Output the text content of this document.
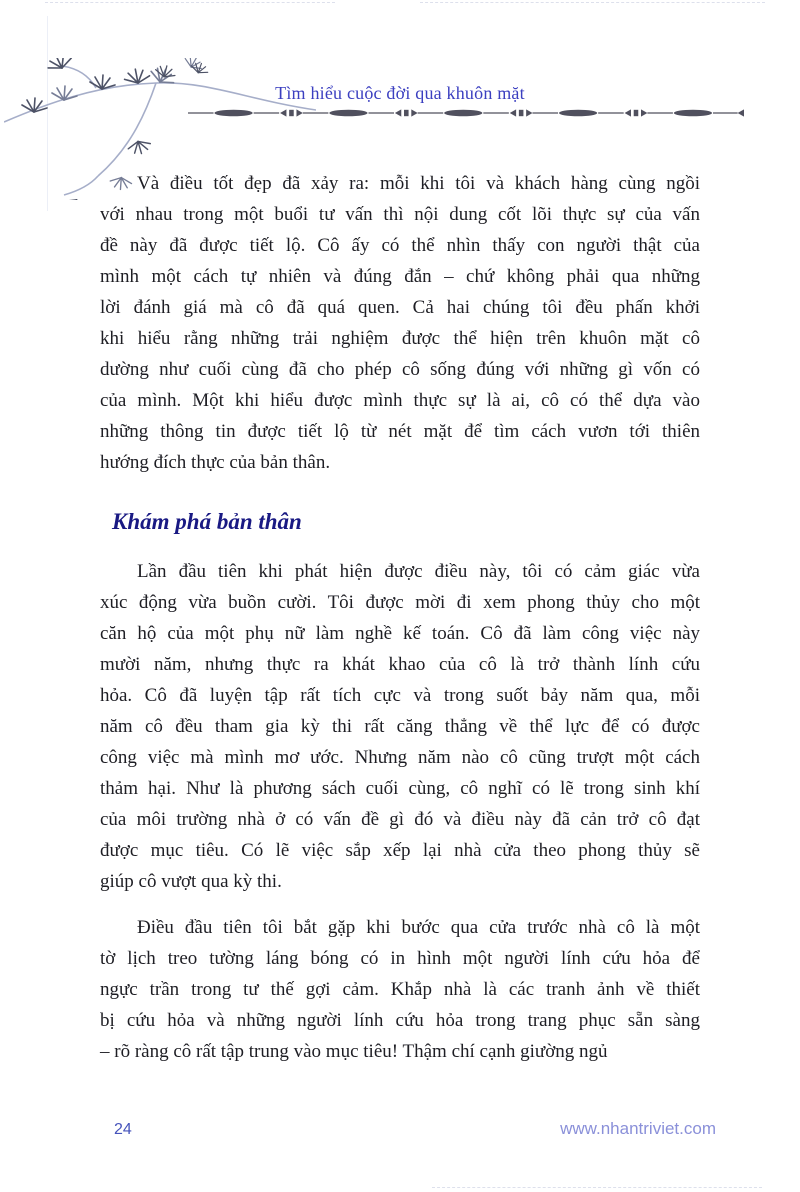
Tìm hiểu cuộc đời qua khuôn mặt
Và điều tốt đẹp đã xảy ra: mỗi khi tôi và khách hàng cùng ngồi
với nhau trong một buổi tư vấn thì nội dung cốt lõi thực sự của vấn
đề này đã được tiết lộ. Cô ấy có thể nhìn thấy con người thật của
mình một cách tự nhiên và đúng đắn – chứ không phải qua những
lời đánh giá mà cô đã quá quen. Cả hai chúng tôi đều phấn khởi
khi hiểu rằng những trải nghiệm được thể hiện trên khuôn mặt cô
dường như cuối cùng đã cho phép cô sống đúng với những gì vốn có
của mình. Một khi hiểu được mình thực sự là ai, cô có thể dựa vào
những thông tin được tiết lộ từ nét mặt để tìm cách vươn tới thiên
hướng đích thực của bản thân.
Khám phá bản thân
Lần đầu tiên khi phát hiện được điều này, tôi có cảm giác vừa
xúc động vừa buồn cười. Tôi được mời đi xem phong thủy cho một
căn hộ của một phụ nữ làm nghề kế toán. Cô đã làm công việc này
mười năm, nhưng thực ra khát khao của cô là trở thành lính cứu
hỏa. Cô đã luyện tập rất tích cực và trong suốt bảy năm qua, mỗi
năm cô đều tham gia kỳ thi rất căng thẳng về thể lực để có được
công việc mà mình mơ ước. Nhưng năm nào cô cũng trượt một cách
thảm hại. Như là phương sách cuối cùng, cô nghĩ có lẽ trong sinh khí
của môi trường nhà ở có vấn đề gì đó và điều này đã cản trở cô đạt
được mục tiêu. Có lẽ việc sắp xếp lại nhà cửa theo phong thủy sẽ
giúp cô vượt qua kỳ thi.
Điều đầu tiên tôi bắt gặp khi bước qua cửa trước nhà cô là một
tờ lịch treo tường láng bóng có in hình một người lính cứu hỏa để
ngực trần trong tư thế gợi cảm. Khắp nhà là các tranh ảnh về thiết
bị cứu hỏa và những người lính cứu hỏa trong trang phục sẵn sàng
– rõ ràng cô rất tập trung vào mục tiêu! Thậm chí cạnh giường ngủ
24	www.nhantriviet.com
